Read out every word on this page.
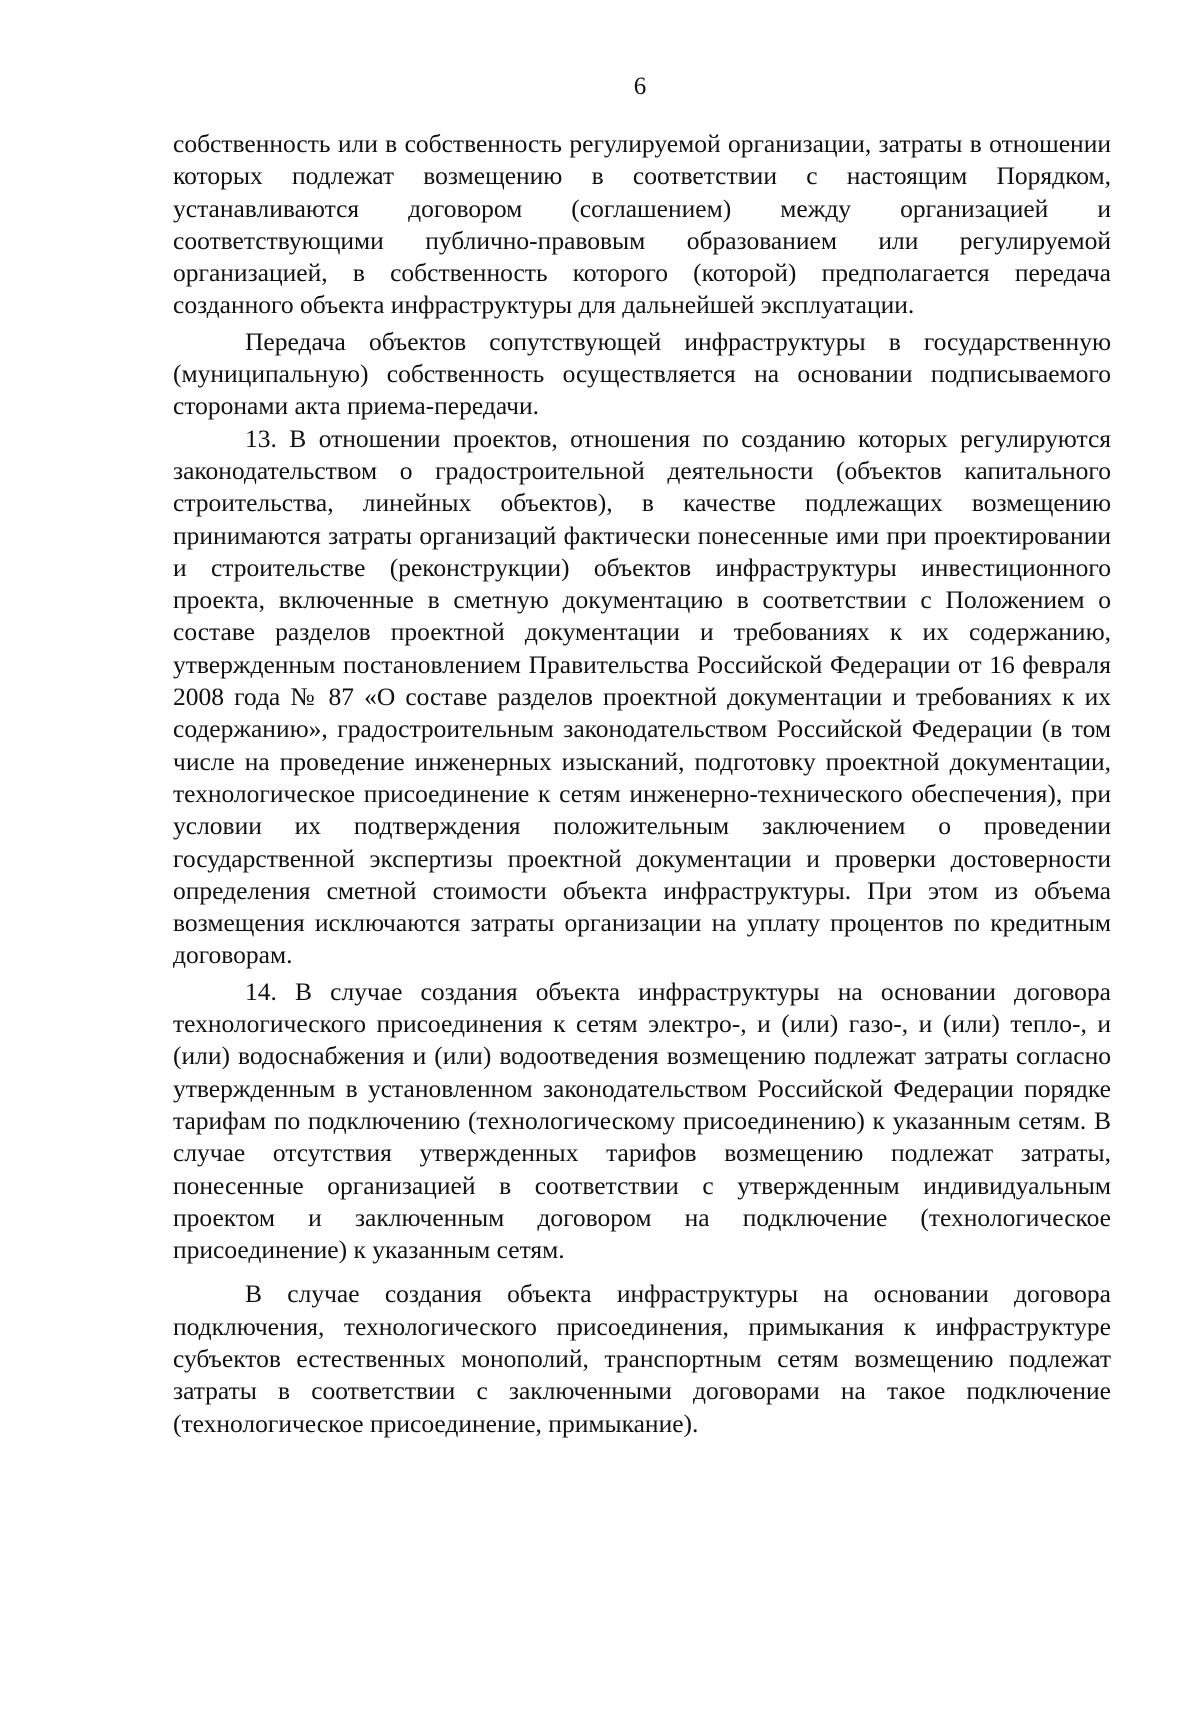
6

собственность или в собственность регулируемой организации, затраты в отношении которых подлежат возмещению в соответствии с настоящим Порядком, устанавливаются договором (соглашением) между организацией и соответствующими публично-правовым образованием или регулируемой организацией, в собственность которого (которой) предполагается передача созданного объекта инфраструктуры для дальнейшей эксплуатации.

Передача объектов сопутствующей инфраструктуры в государственную (муниципальную) собственность осуществляется на основании подписываемого сторонами акта приема-передачи.

13. В отношении проектов, отношения по созданию которых регулируются законодательством о градостроительной деятельности (объектов капитального строительства, линейных объектов), в качестве подлежащих возмещению принимаются затраты организаций фактически понесенные ими при проектировании и строительстве (реконструкции) объектов инфраструктуры инвестиционного проекта, включенные в сметную документацию в соответствии с Положением о составе разделов проектной документации и требованиях к их содержанию, утвержденным постановлением Правительства Российской Федерации от 16 февраля 2008 года № 87 «О составе разделов проектной документации и требованиях к их содержанию», градостроительным законодательством Российской Федерации (в том числе на проведение инженерных изысканий, подготовку проектной документации, технологическое присоединение к сетям инженерно-технического обеспечения), при условии их подтверждения положительным заключением о проведении государственной экспертизы проектной документации и проверки достоверности определения сметной стоимости объекта инфраструктуры. При этом из объема возмещения исключаются затраты организации на уплату процентов по кредитным договорам.

14. В случае создания объекта инфраструктуры на основании договора технологического присоединения к сетям электро-, и (или) газо-, и (или) тепло-, и (или) водоснабжения и (или) водоотведения возмещению подлежат затраты согласно утвержденным в установленном законодательством Российской Федерации порядке тарифам по подключению (технологическому присоединению) к указанным сетям. В случае отсутствия утвержденных тарифов возмещению подлежат затраты, понесенные организацией в соответствии с утвержденным индивидуальным проектом и заключенным договором на подключение (технологическое присоединение) к указанным сетям.

В случае создания объекта инфраструктуры на основании договора подключения, технологического присоединения, примыкания к инфраструктуре субъектов естественных монополий, транспортным сетям возмещению подлежат затраты в соответствии с заключенными договорами на такое подключение (технологическое присоединение, примыкание).
